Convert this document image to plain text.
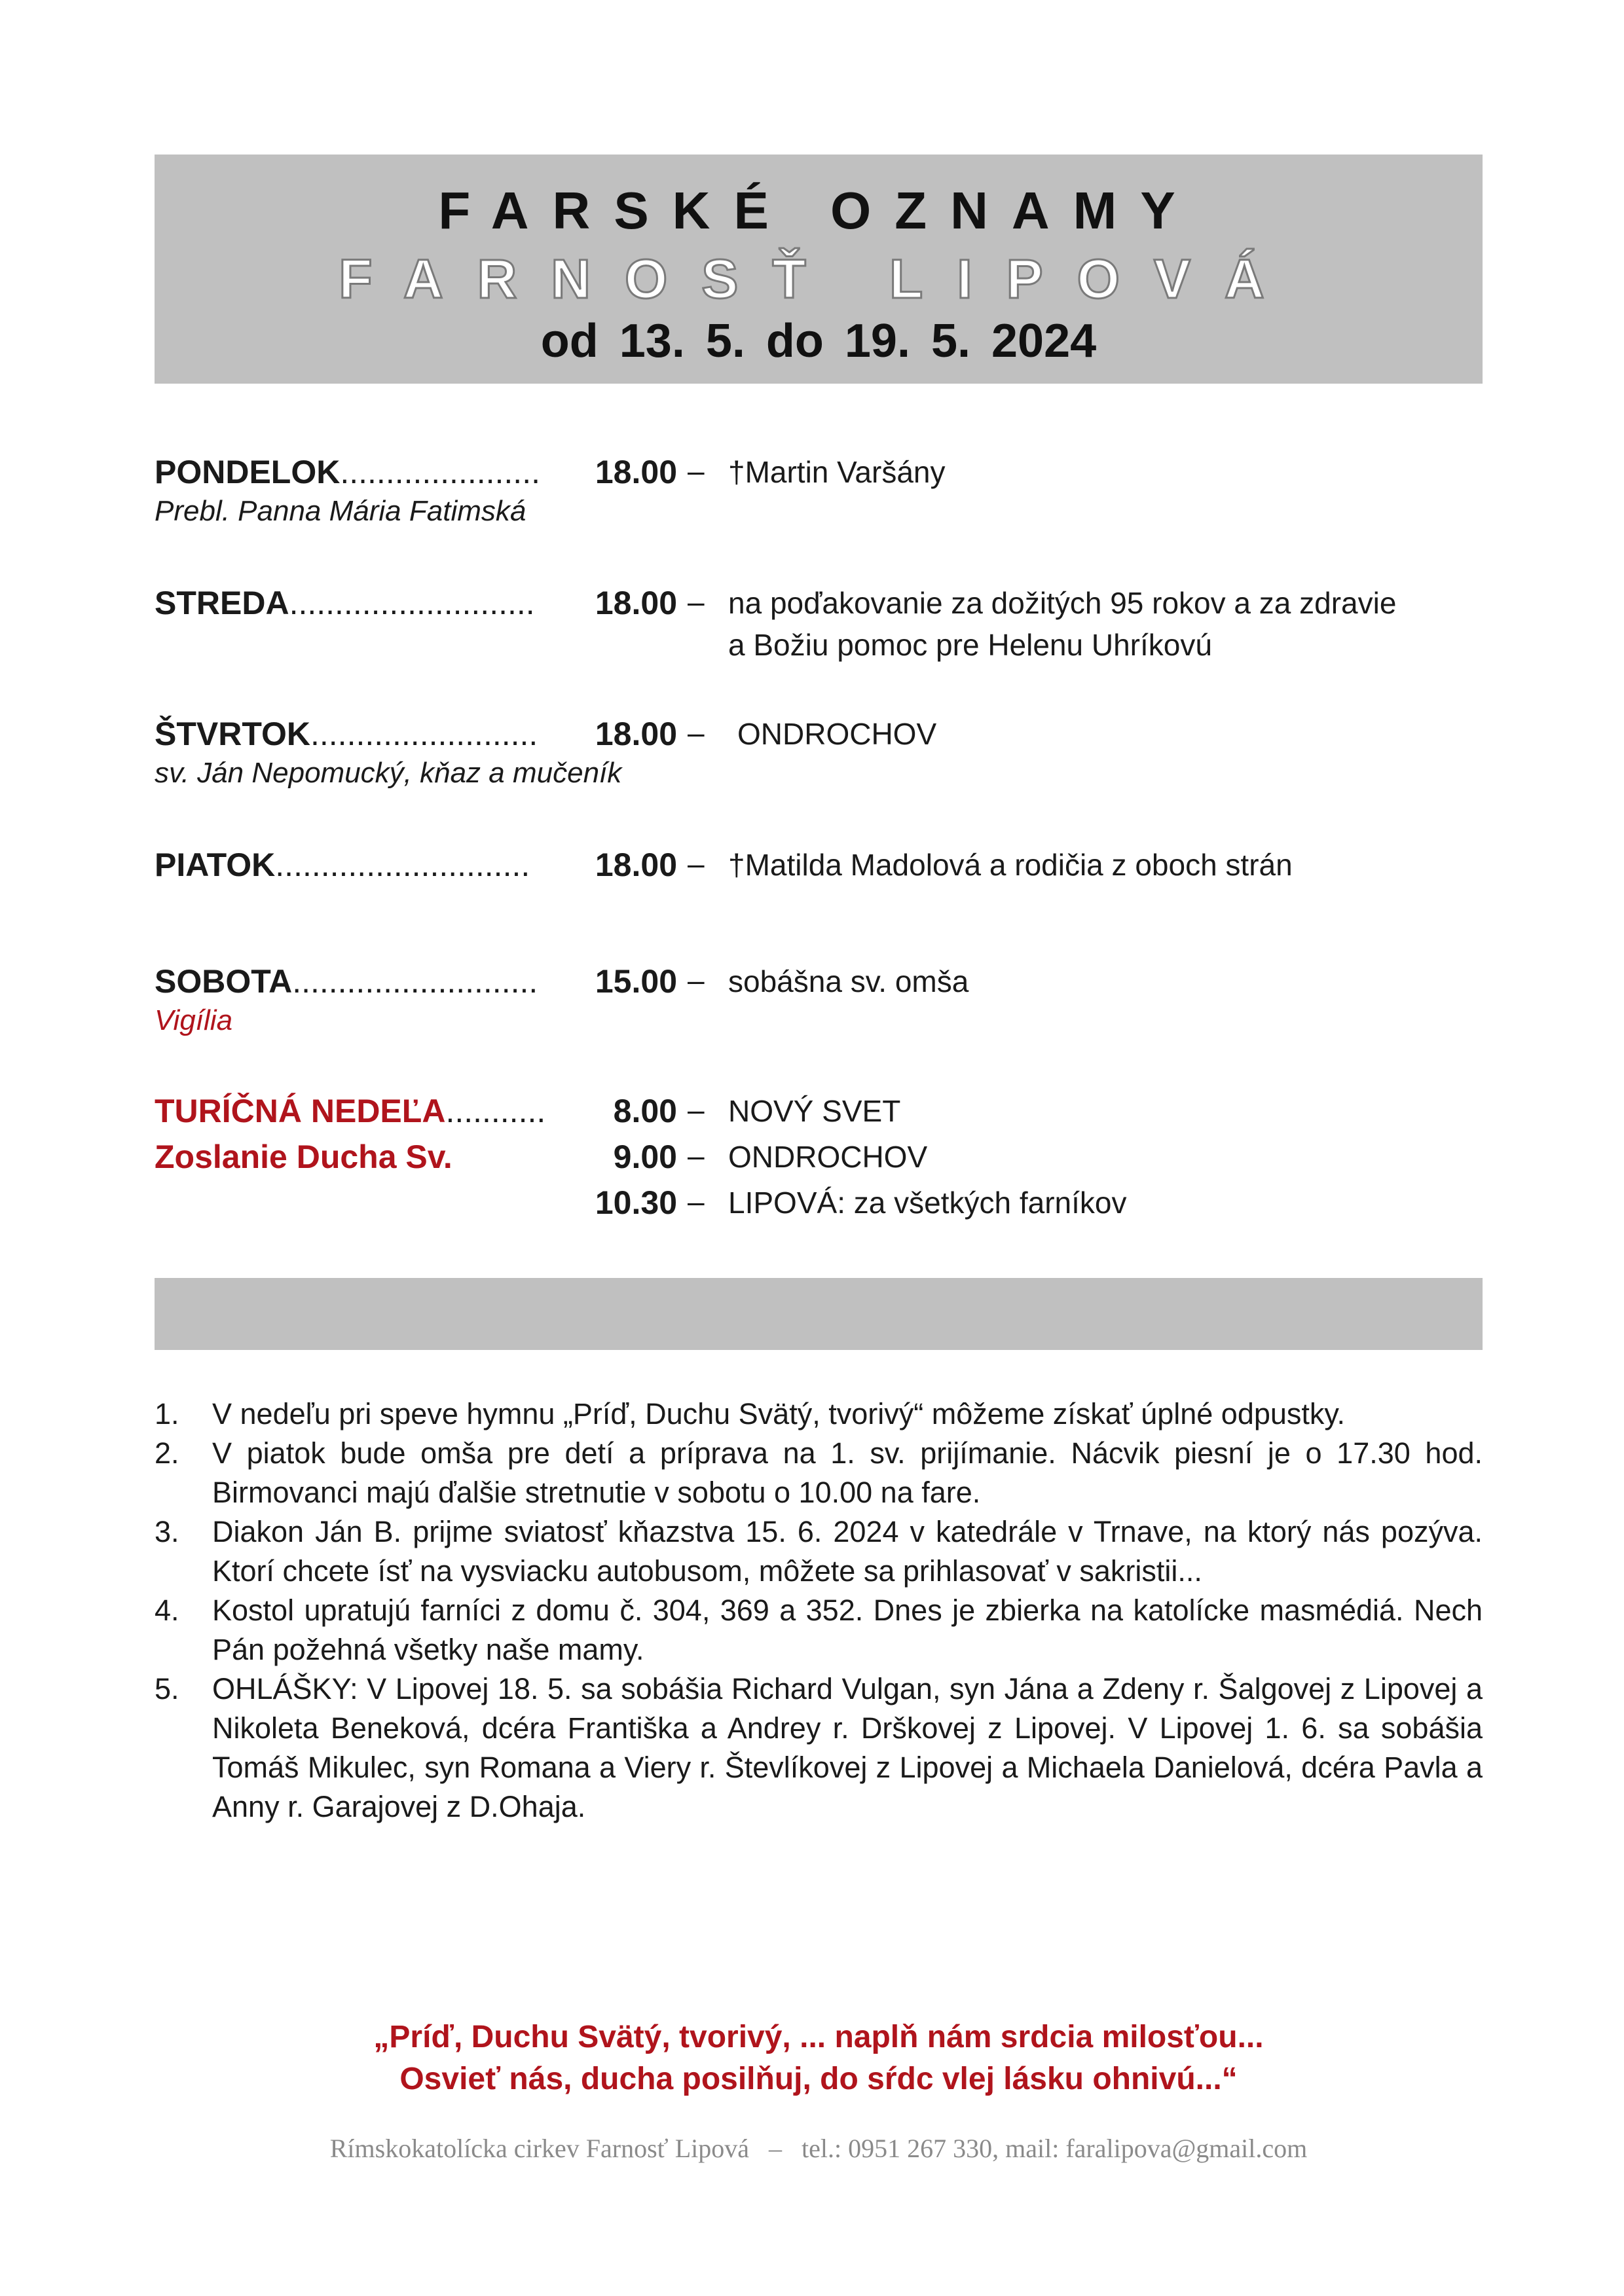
FARSKÉ OZNAMY
FARNOSŤ LIPOVÁ
od 13. 5. do 19. 5. 2024
PONDELOK......................	18.00 – †Martin Varšány
Prebl. Panna Mária Fatimská
STREDA...........................	18.00 – na poďakovanie za dožitých 95 rokov a za zdravie
a Božiu pomoc pre Helenu Uhríkovú
ŠTVRTOK.........................	18.00 – ONDROCHOV
sv. Ján Nepomucký, kňaz a mučeník
PIATOK............................	18.00 – †Matilda Madolová a rodičia z oboch strán
SOBOTA...........................	15.00 – sobášna sv. omša
Vigília
TURÍČNÁ NEDEĽA...........	8.00 – NOVÝ SVET
Zoslanie Ducha Sv.	9.00 – ONDROCHOV
10.30 – LIPOVÁ: za všetkých farníkov
1. V nedeľu pri speve hymnu „Príď, Duchu Svätý, tvorivý“ môžeme získať úplné odpustky.
2. V piatok bude omša pre detí a príprava na 1. sv. prijímanie. Nácvik piesní je o 17.30 hod. Birmovanci majú ďalšie stretnutie v sobotu o 10.00 na fare.
3. Diakon Ján B. prijme sviatosť kňazstva 15. 6. 2024 v katedrále v Trnave, na ktorý nás pozýva. Ktorí chcete ísť na vysviacku autobusom, môžete sa prihlasovať v sakristii...
4. Kostol upratujú farníci z domu č. 304, 369 a 352. Dnes je zbierka na katolícke masmédiá. Nech Pán požehná všetky naše mamy.
5. OHLÁŠKY: V Lipovej 18. 5. sa sobášia Richard Vulgan, syn Jána a Zdeny r. Šalgovej z Lipovej a Nikoleta Beneková, dcéra Františka a Andrey r. Drškovej z Lipovej. V Lipovej 1. 6. sa sobášia Tomáš Mikulec, syn Romana a Viery r. Števlíkovej z Lipovej a Michaela Danielová, dcéra Pavla a Anny r. Garajovej z D.Ohaja.
„Príď, Duchu Svätý, tvorivý, ... naplň nám srdcia milosťou...
Osvieť nás, ducha posilňuj, do sŕdc vlej lásku ohnivú...“
Rímskokatolícka cirkev Farnosť Lipová   –   tel.: 0951 267 330, mail: faralipova@gmail.com
